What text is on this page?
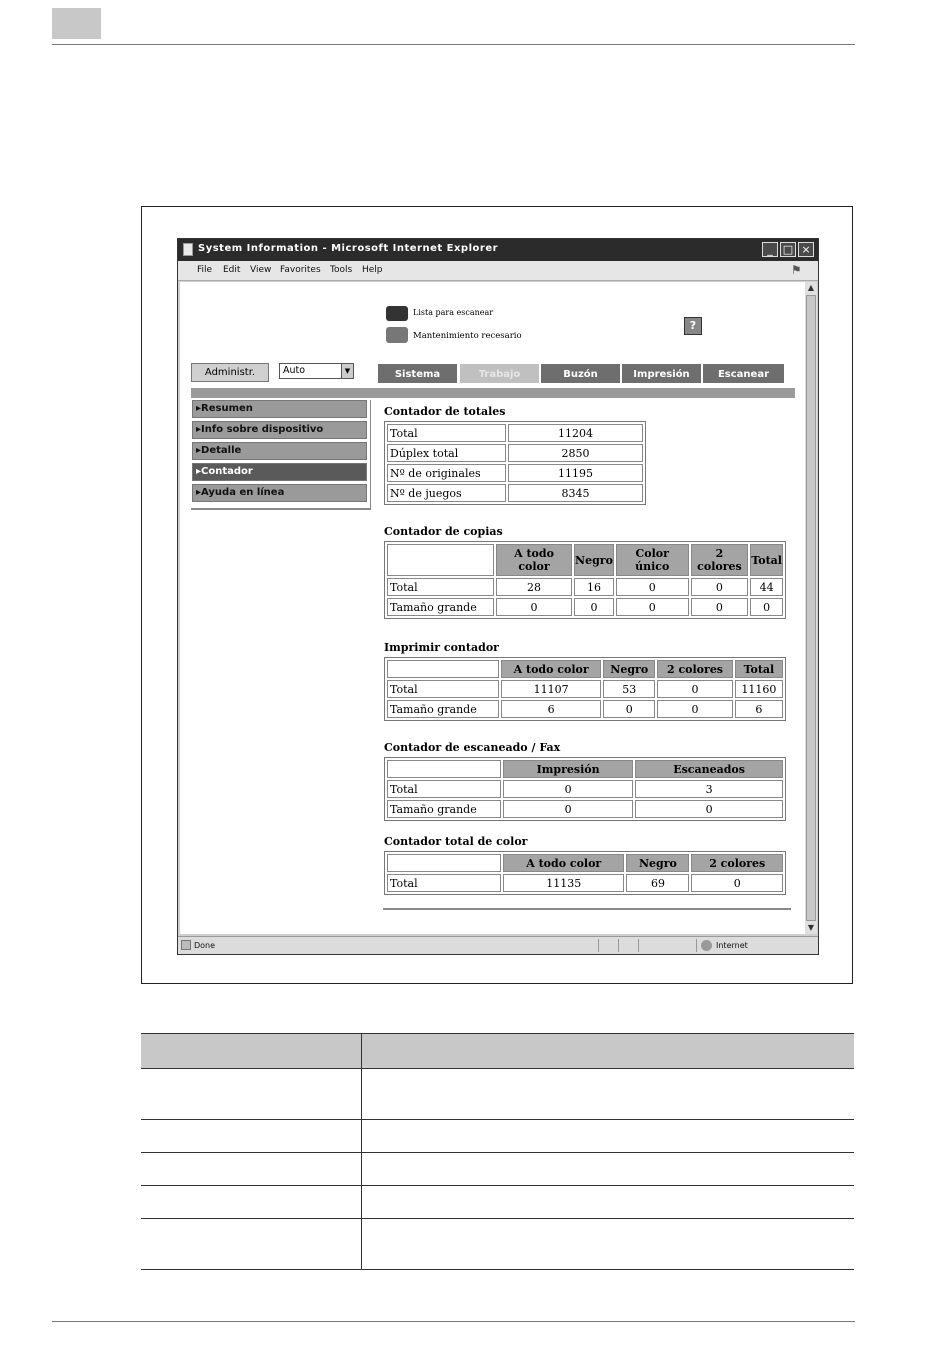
System Information - Microsoft Internet Explorer	_ □ ×
File Edit View Favorites Tools Help	⚑
Lista para escanear
Mantenimiento recesario
?
Administr.	Auto	▼	Sistema	Trabajo	Buzón	Impresión	Escanear
▸Resumen
▸Info sobre dispositivo
▸Detalle
▸Contador
▸Ayuda en línea
Contador de totales
Total	11204
Dúplex total	2850
Nº de originales	11195
Nº de juegos	8345
Contador de copias
	A todo color	Negro	Color único	2 colores	Total
Total	28	16	0	0	44
Tamaño grande	0	0	0	0	0
Imprimir contador
	A todo color	Negro	2 colores	Total
Total	11107	53	0	11160
Tamaño grande	6	0	0	6
Contador de escaneado / Fax
	Impresión	Escaneados
Total	0	3
Tamaño grande	0	0
Contador total de color
	A todo color	Negro	2 colores
Total	11135	69	0
▲
▼
Done	Internet
